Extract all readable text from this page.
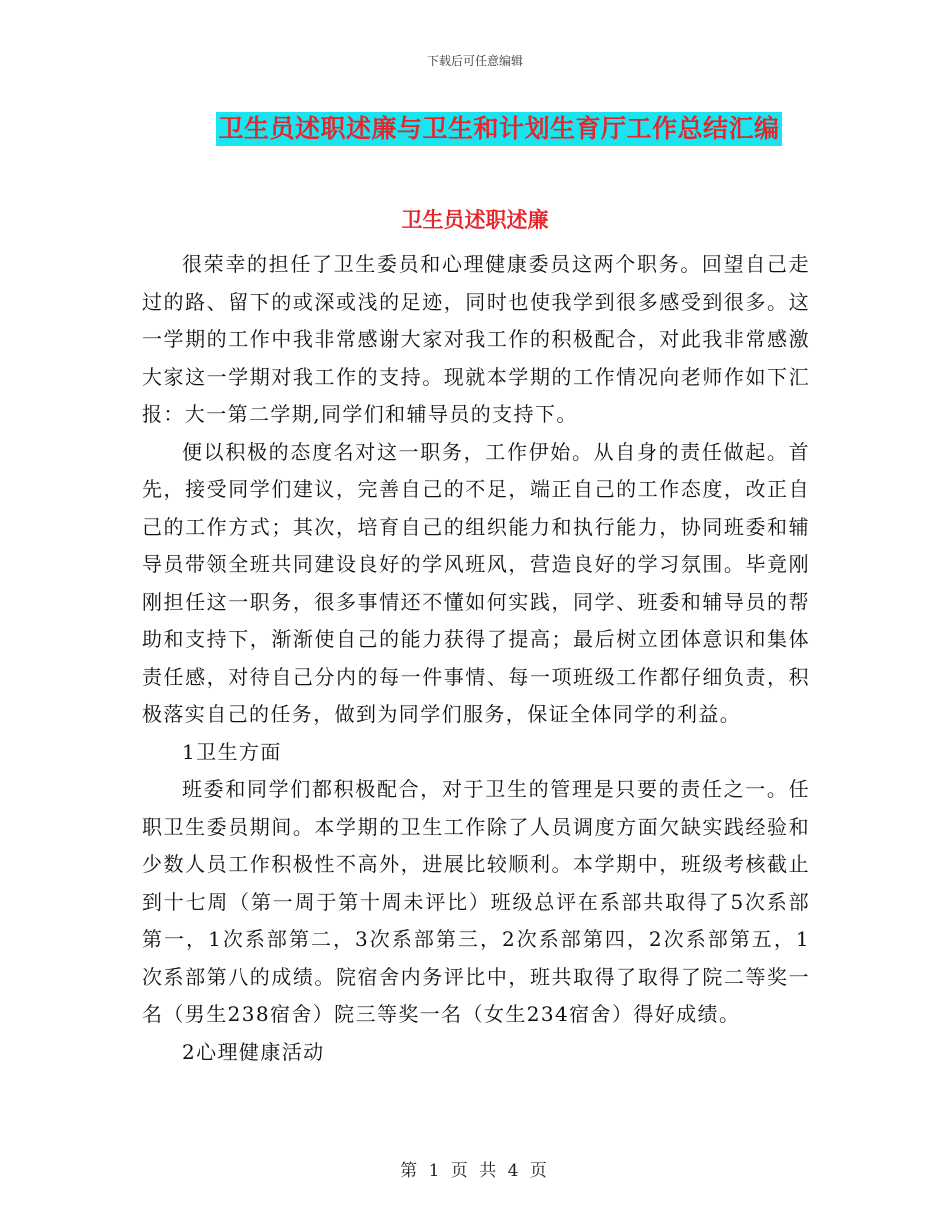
下载后可任意编辑
卫生员述职述廉与卫生和计划生育厅工作总结汇编
卫生员述职述廉

很荣幸的担任了卫生委员和心理健康委员这两个职务。回望自己走过的路、留下的或深或浅的足迹，同时也使我学到很多感受到很多。这一学期的工作中我非常感谢大家对我工作的积极配合，对此我非常感激大家这一学期对我工作的支持。现就本学期的工作情况向老师作如下汇报：大一第二学期,同学们和辅导员的支持下。

便以积极的态度名对这一职务，工作伊始。从自身的责任做起。首先，接受同学们建议，完善自己的不足，端正自己的工作态度，改正自己的工作方式；其次，培育自己的组织能力和执行能力，协同班委和辅导员带领全班共同建设良好的学风班风，营造良好的学习氛围。毕竟刚刚担任这一职务，很多事情还不懂如何实践，同学、班委和辅导员的帮助和支持下，渐渐使自己的能力获得了提高；最后树立团体意识和集体责任感，对待自己分内的每一件事情、每一项班级工作都仔细负责，积极落实自己的任务，做到为同学们服务，保证全体同学的利益。

1卫生方面

班委和同学们都积极配合，对于卫生的管理是只要的责任之一。任职卫生委员期间。本学期的卫生工作除了人员调度方面欠缺实践经验和少数人员工作积极性不高外，进展比较顺利。本学期中，班级考核截止到十七周（第一周于第十周未评比）班级总评在系部共取得了5次系部第一，1次系部第二，3次系部第三，2次系部第四，2次系部第五，1次系部第八的成绩。院宿舍内务评比中，班共取得了取得了院二等奖一名（男生238宿舍）院三等奖一名（女生234宿舍）得好成绩。

2心理健康活动

第 1 页 共 4 页
